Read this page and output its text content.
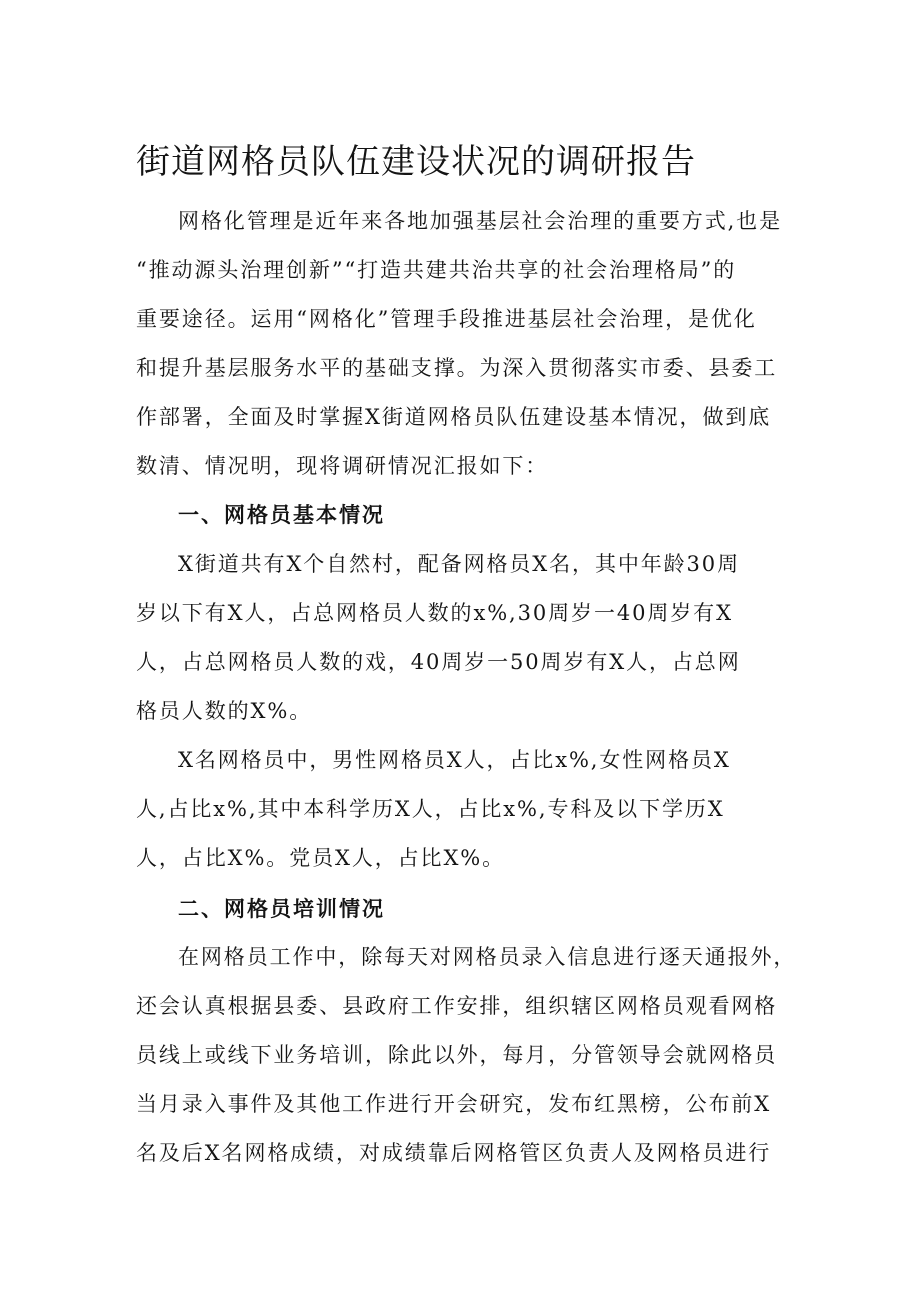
街道网格员队伍建设状况的调研报告
网格化管理是近年来各地加强基层社会治理的重要方式,也是
“推动源头治理创新”“打造共建共治共享的社会治理格局”的
重要途径。运用“网格化”管理手段推进基层社会治理，是优化
和提升基层服务水平的基础支撑。为深入贯彻落实市委、县委工
作部署，全面及时掌握X街道网格员队伍建设基本情况，做到底
数清、情况明，现将调研情况汇报如下：
一、网格员基本情况
X街道共有X个自然村，配备网格员X名，其中年龄30周
岁以下有X人，占总网格员人数的x%,30周岁一40周岁有X
人，占总网格员人数的戏，40周岁一50周岁有X人，占总网
格员人数的X%。
X名网格员中，男性网格员X人，占比x%,女性网格员X
人,占比x%,其中本科学历X人，占比x%,专科及以下学历X
人，占比X%。党员X人，占比X%。
二、网格员培训情况
在网格员工作中，除每天对网格员录入信息进行逐天通报外，
还会认真根据县委、县政府工作安排，组织辖区网格员观看网格
员线上或线下业务培训，除此以外，每月，分管领导会就网格员
当月录入事件及其他工作进行开会研究，发布红黑榜，公布前X
名及后X名网格成绩，对成绩靠后网格管区负责人及网格员进行
